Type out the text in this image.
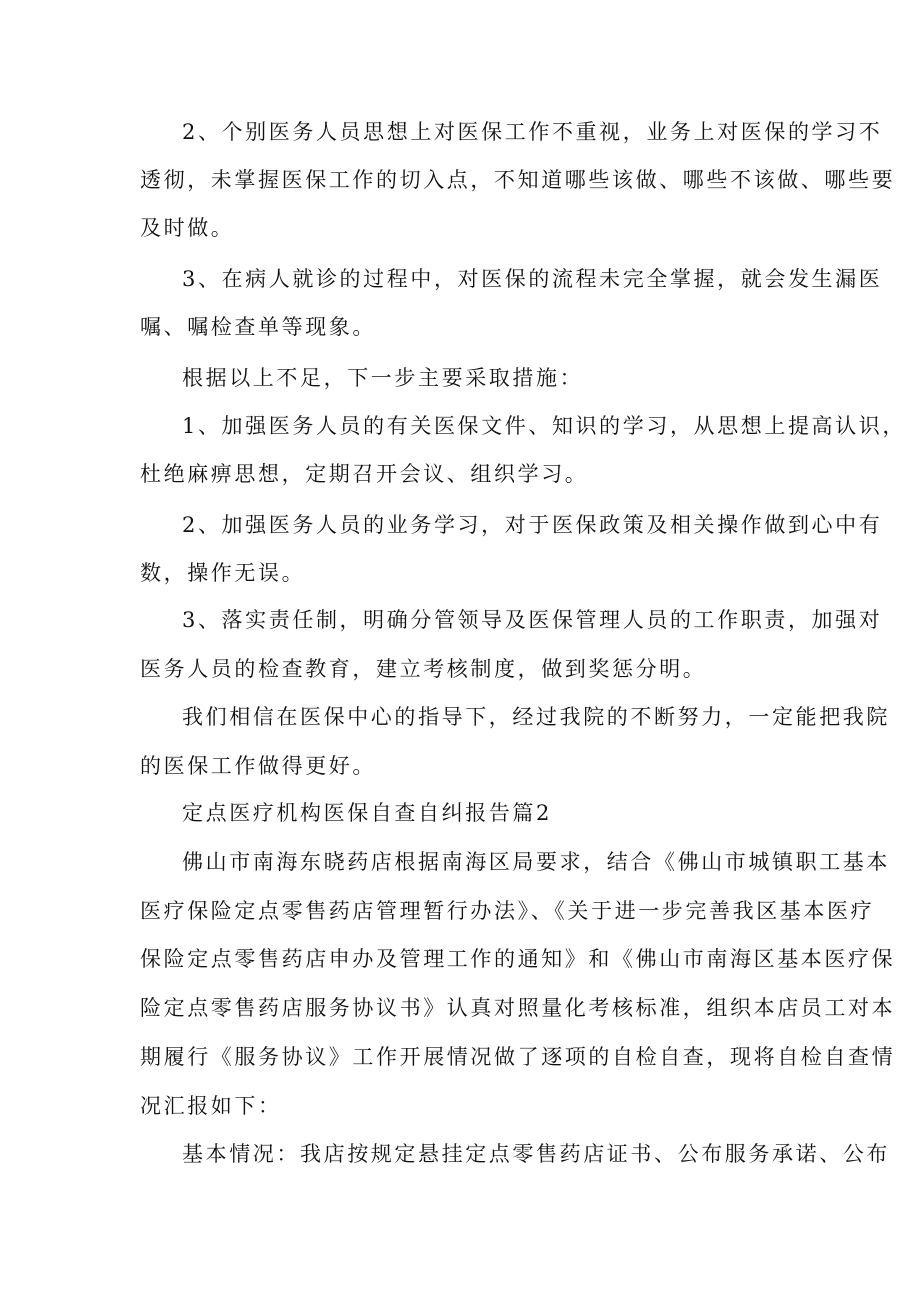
2、个别医务人员思想上对医保工作不重视，业务上对医保的学习不
透彻，未掌握医保工作的切入点，不知道哪些该做、哪些不该做、哪些要
及时做。
3、在病人就诊的过程中，对医保的流程未完全掌握，就会发生漏医
嘱、嘱检查单等现象。
根据以上不足，下一步主要采取措施：
1、加强医务人员的有关医保文件、知识的学习，从思想上提高认识，
杜绝麻痹思想，定期召开会议、组织学习。
2、加强医务人员的业务学习，对于医保政策及相关操作做到心中有
数，操作无误。
3、落实责任制，明确分管领导及医保管理人员的工作职责，加强对
医务人员的检查教育，建立考核制度，做到奖惩分明。
我们相信在医保中心的指导下，经过我院的不断努力，一定能把我院
的医保工作做得更好。
定点医疗机构医保自查自纠报告篇2
佛山市南海东晓药店根据南海区局要求，结合《佛山市城镇职工基本
医疗保险定点零售药店管理暂行办法》、《关于进一步完善我区基本医疗
保险定点零售药店申办及管理工作的通知》和《佛山市南海区基本医疗保
险定点零售药店服务协议书》认真对照量化考核标准，组织本店员工对本
期履行《服务协议》工作开展情况做了逐项的自检自查，现将自检自查情
况汇报如下：
基本情况：我店按规定悬挂定点零售药店证书、公布服务承诺、公布
